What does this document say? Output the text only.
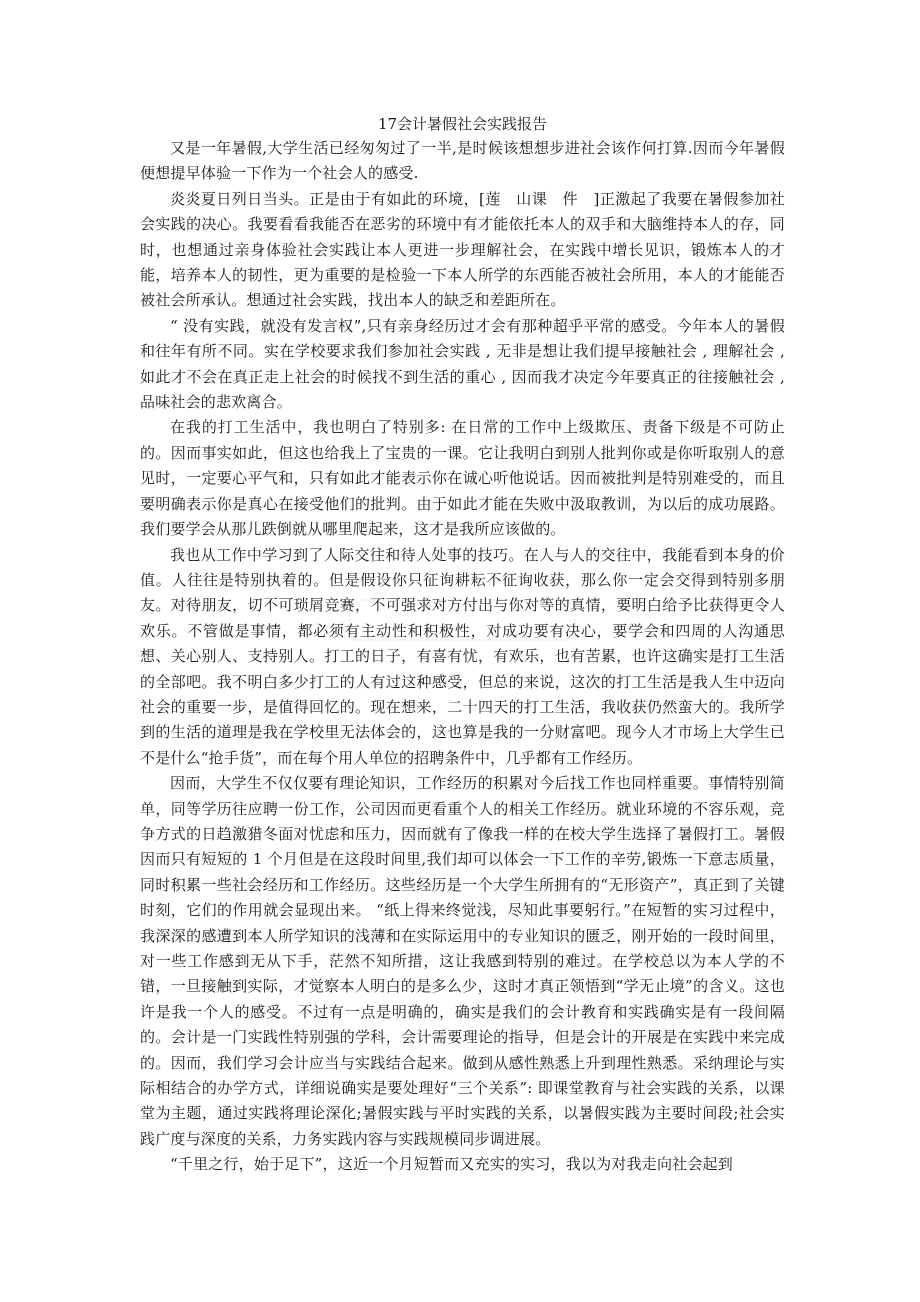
17会计暑假社会实践报告

又是一年暑假,大学生活已经匆匆过了一半,是时候该想想步进社会该作何打算.因而今年暑假便想提早体验一下作为一个社会人的感受.

炎炎夏日列日当头。正是由于有如此的环境，[莲　山课　件　]正激起了我要在暑假参加社会实践的决心。我要看看我能否在恶劣的环境中有才能依托本人的双手和大脑维持本人的存，同时，也想通过亲身体验社会实践让本人更进一步理解社会，在实践中增长见识，锻炼本人的才能，培养本人的韧性，更为重要的是检验一下本人所学的东西能否被社会所用，本人的才能能否被社会所承认。想通过社会实践，找出本人的缺乏和差距所在。

“ 没有实践，就没有发言权”,只有亲身经历过才会有那种超乎平常的感受。今年本人的暑假和往年有所不同。实在学校要求我们参加社会实践 , 无非是想让我们提早接触社会 , 理解社会 , 如此才不会在真正走上社会的时候找不到生活的重心 , 因而我才决定今年要真正的往接触社会 , 品味社会的悲欢离合。

在我的打工生活中，我也明白了特别多: 在日常的工作中上级欺压、责备下级是不可防止的。因而事实如此，但这也给我上了宝贵的一课。它让我明白到别人批判你或是你听取别人的意见时，一定要心平气和，只有如此才能表示你在诚心听他说话。因而被批判是特别难受的，而且要明确表示你是真心在接受他们的批判。由于如此才能在失败中汲取教训，为以后的成功展路。我们要学会从那儿跌倒就从哪里爬起来，这才是我所应该做的。

我也从工作中学习到了人际交往和待人处事的技巧。在人与人的交往中，我能看到本身的价值。人往往是特别执着的。但是假设你只征询耕耘不征询收获，那么你一定会交得到特别多朋友。对待朋友，切不可琐屑竞赛，不可强求对方付出与你对等的真情，要明白给予比获得更令人欢乐。不管做是事情，都必须有主动性和积极性，对成功要有决心，要学会和四周的人沟通思想、关心别人、支持别人。打工的日子，有喜有忧，有欢乐，也有苦累，也许这确实是打工生活的全部吧。我不明白多少打工的人有过这种感受，但总的来说，这次的打工生活是我人生中迈向社会的重要一步，是值得回忆的。现在想来，二十四天的打工生活，我收获仍然蛮大的。我所学到的生活的道理是我在学校里无法体会的，这也算是我的一分财富吧。现今人才市场上大学生已不是什么“抢手货”，而在每个用人单位的招聘条件中，几乎都有工作经历。

因而，大学生不仅仅要有理论知识，工作经历的积累对今后找工作也同样重要。事情特别简单，同等学历往应聘一份工作，公司因而更看重个人的相关工作经历。就业环境的不容乐观，竞争方式的日趋激猎冬面对忧虑和压力，因而就有了像我一样的在校大学生选择了暑假打工。暑假因而只有短短的 1 个月但是在这段时间里,我们却可以体会一下工作的辛劳,锻炼一下意志质量，同时积累一些社会经历和工作经历。这些经历是一个大学生所拥有的“无形资产”，真正到了关键时刻，它们的作用就会显现出来。 “纸上得来终觉浅，尽知此事要躬行。”在短暂的实习过程中，我深深的感遭到本人所学知识的浅薄和在实际运用中的专业知识的匮乏，刚开始的一段时间里，对一些工作感到无从下手，茫然不知所措，这让我感到特别的难过。在学校总以为本人学的不错，一旦接触到实际，才觉察本人明白的是多么少，这时才真正领悟到“学无止境”的含义。这也许是我一个人的感受。不过有一点是明确的，确实是我们的会计教育和实践确实是有一段间隔的。会计是一门实践性特别强的学科，会计需要理论的指导，但是会计的开展是在实践中来完成的。因而，我们学习会计应当与实践结合起来。做到从感性熟悉上升到理性熟悉。采纳理论与实际相结合的办学方式，详细说确实是要处理好“三个关系”: 即课堂教育与社会实践的关系，以课堂为主题，通过实践将理论深化;暑假实践与平时实践的关系，以暑假实践为主要时间段;社会实践广度与深度的关系，力务实践内容与实践规模同步调进展。

“千里之行，始于足下”，这近一个月短暂而又充实的实习，我以为对我走向社会起到
